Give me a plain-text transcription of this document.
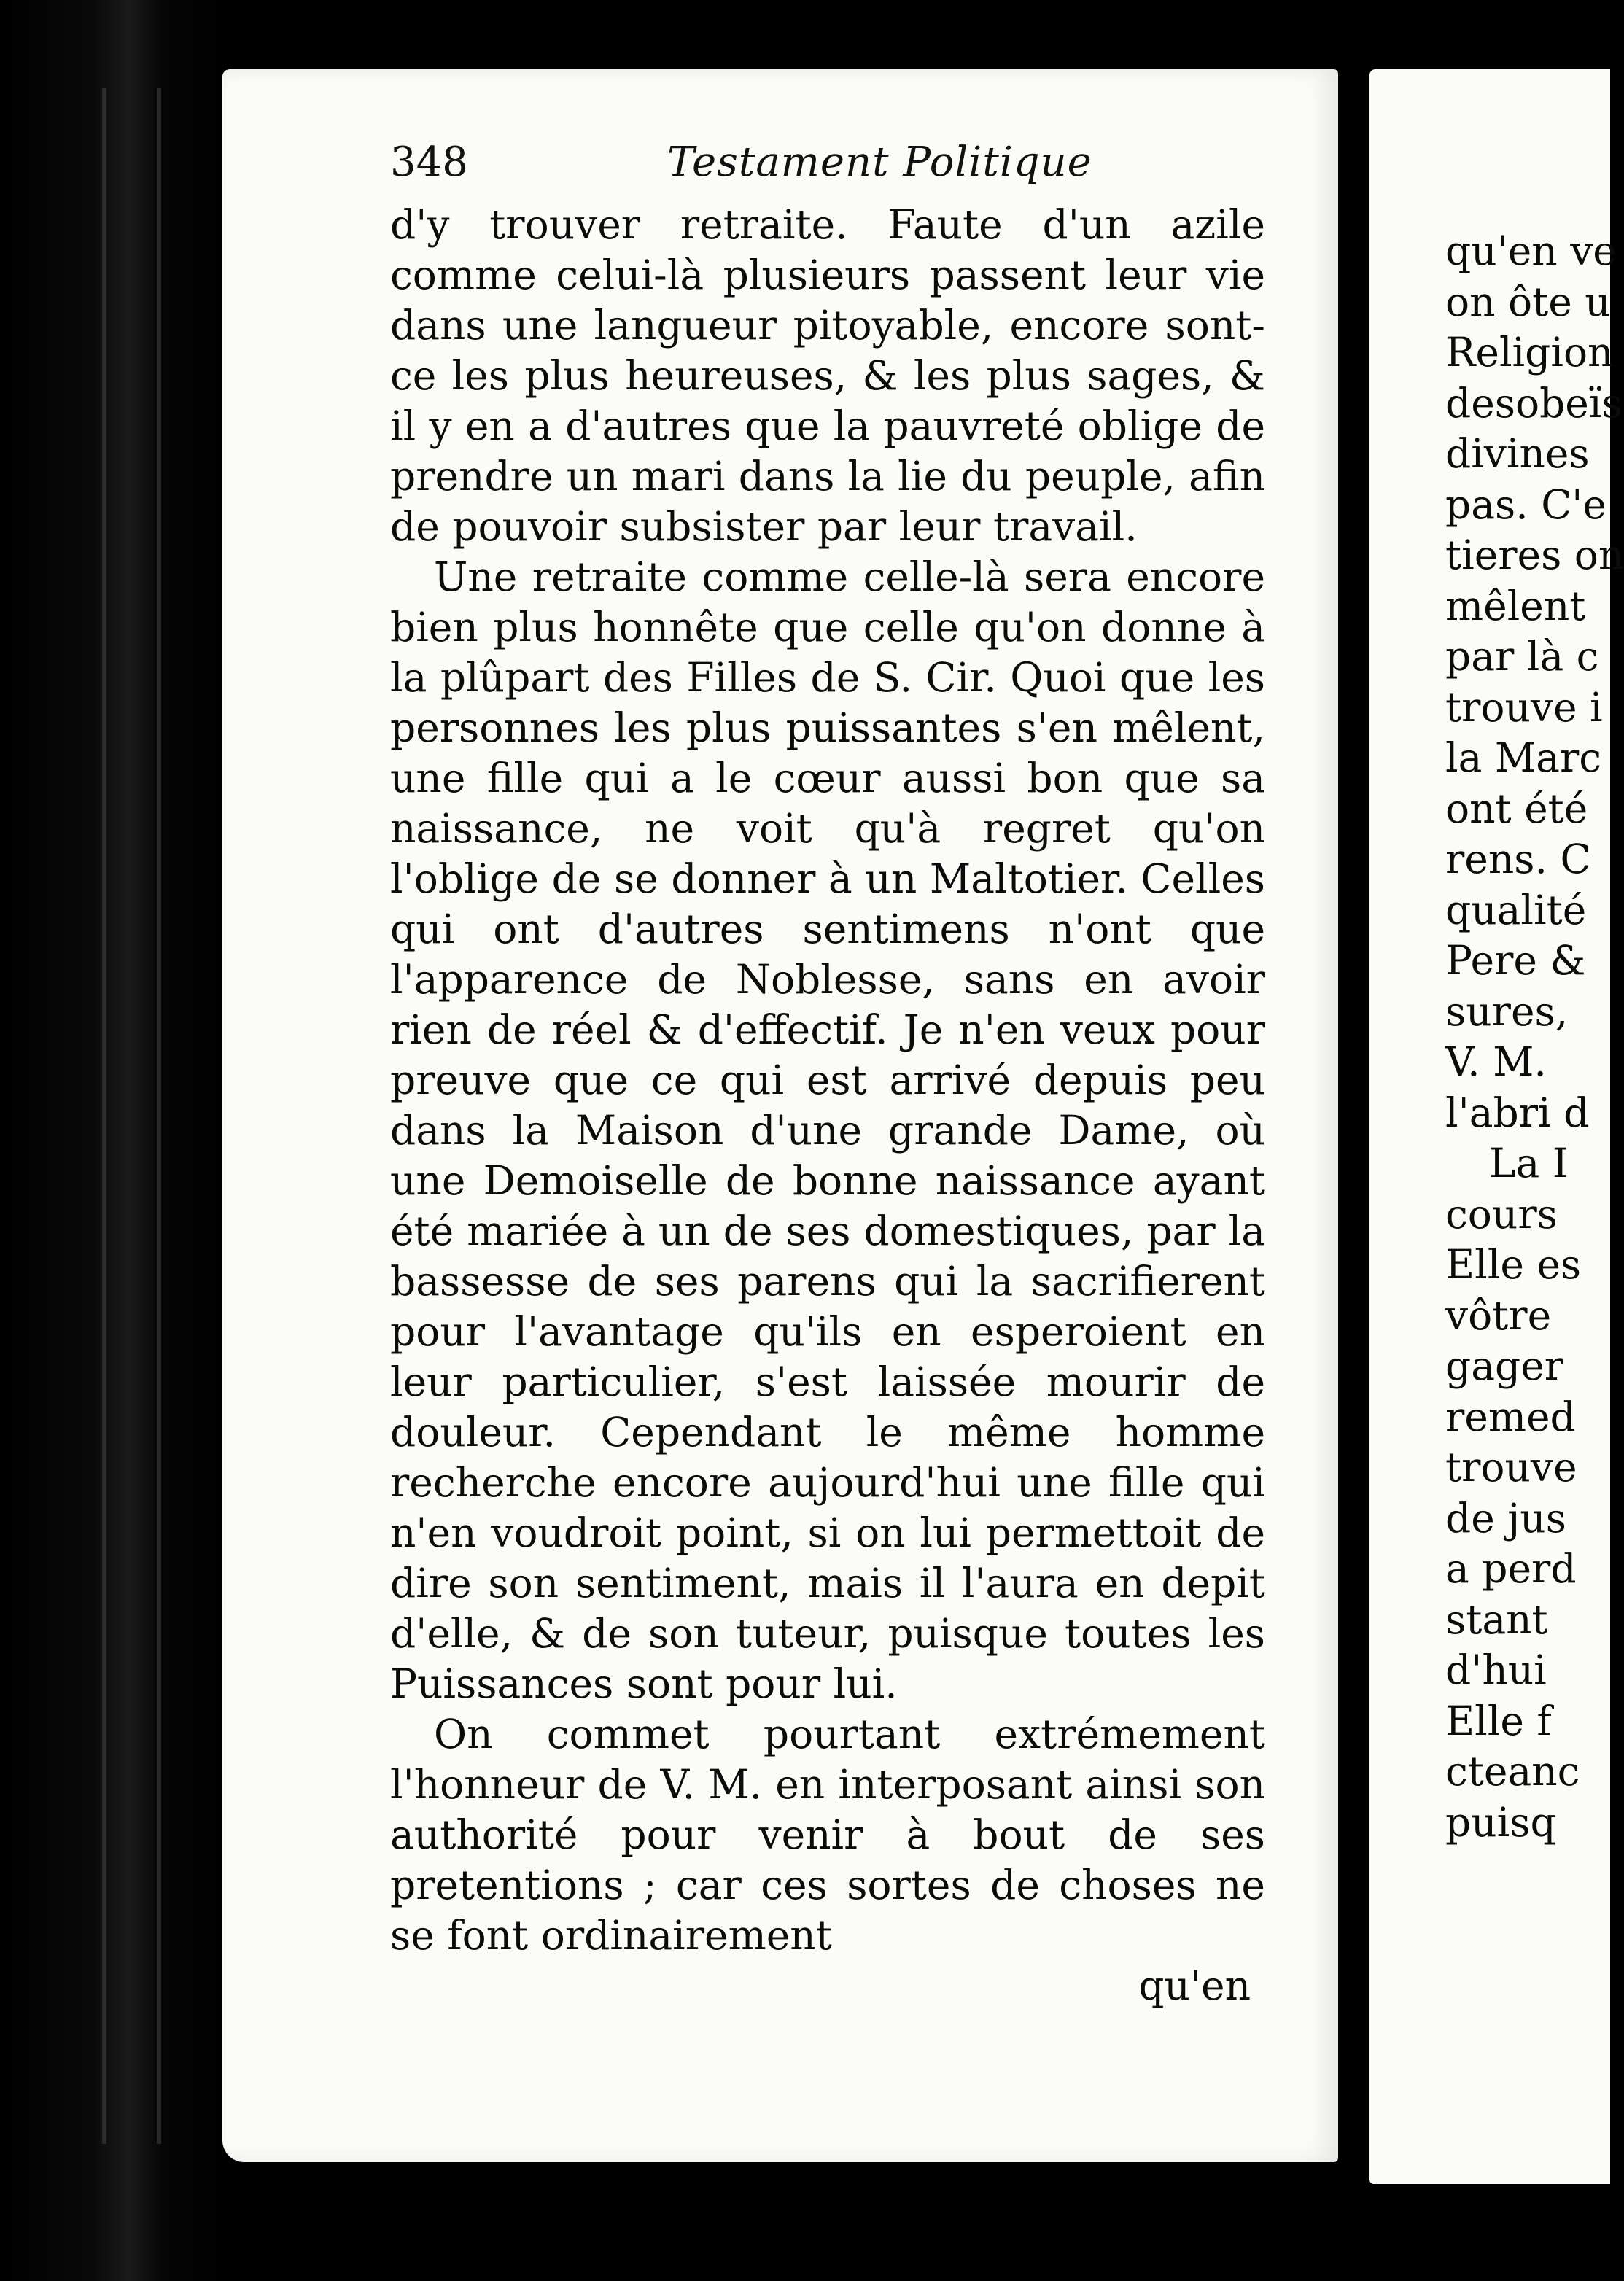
348	Testament Politique

d'y trouver retraite. Faute d'un azile comme celui-là plusieurs passent leur vie dans une langueur pitoyable, encore sont-ce les plus heureuses, & les plus sages, & il y en a d'autres que la pauvreté oblige de prendre un mari dans la lie du peuple, afin de pouvoir subsister par leur travail.

Une retraite comme celle-là sera encore bien plus honnête que celle qu'on donne à la plûpart des Filles de S. Cir. Quoi que les personnes les plus puissantes s'en mêlent, une fille qui a le cœur aussi bon que sa naissance, ne voit qu'à regret qu'on l'oblige de se donner à un Maltotier. Celles qui ont d'autres sentimens n'ont que l'apparence de Noblesse, sans en avoir rien de réel & d'effectif. Je n'en veux pour preuve que ce qui est arrivé depuis peu dans la Maison d'une grande Dame, où une Demoiselle de bonne naissance ayant été mariée à un de ses domestiques, par la bassesse de ses parens qui la sacrifierent pour l'avantage qu'ils en esperoient en leur particulier, s'est laissée mourir de douleur. Cependant le même homme recherche encore aujourd'hui une fille qui n'en voudroit point, si on lui permettoit de dire son sentiment, mais il l'aura en depit d'elle, & de son tuteur, puisque toutes les Puissances sont pour lui.

On commet pourtant extrémement l'honneur de V. M. en interposant ainsi son authorité pour venir à bout de ses pretentions ; car ces sortes de choses ne se font ordinairement

qu'en
qu'en ve
on ôte u
Religion
desobeïs
divines
pas. C'e
tieres on
mêlent
par là c
trouve i
la Marc
ont été
rens. C
qualité
Pere &
sures,
V. M.
l'abri d
La I
cours
Elle es
vôtre
gager
remed
trouve
de jus
a perd
stant
d'hui
Elle f
cteanc
puisq
